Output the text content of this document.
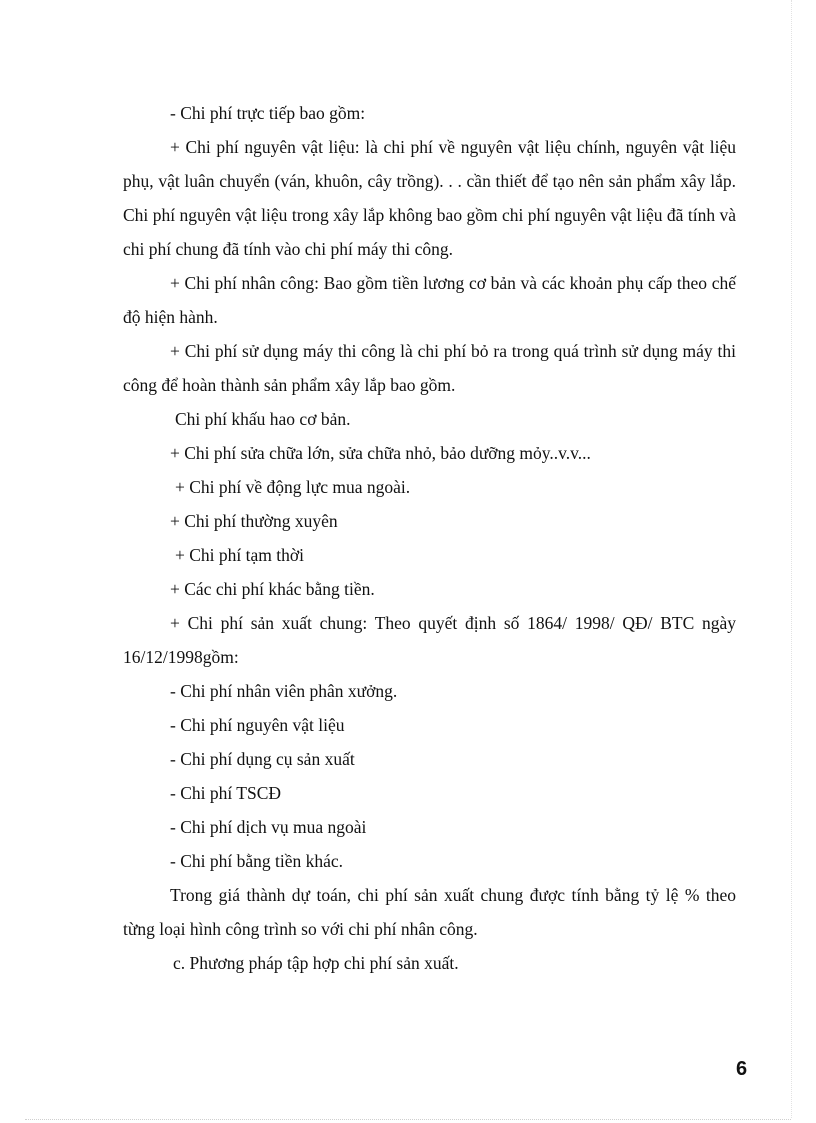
- Chi phí trực tiếp bao gồm:

+ Chi phí nguyên vật liệu: là chi phí về nguyên vật liệu chính, nguyên vật liệu phụ, vật luân chuyển (ván, khuôn, cây trồng). . . cần thiết để tạo nên sản phẩm xây lắp. Chi phí nguyên vật liệu trong xây lắp không bao gồm chi phí nguyên vật liệu đã tính và chi phí chung đã tính vào chi phí máy thi công.

+ Chi phí nhân công: Bao gồm tiền lương cơ bản và các khoản phụ cấp theo chế độ hiện hành.

+ Chi phí sử dụng máy thi công là chi phí bỏ ra trong quá trình sử dụng máy thi công để hoàn thành sản phẩm xây lắp bao gồm.

Chi phí khấu hao cơ bản.

+ Chi phí sửa chữa lớn, sửa chữa nhỏ, bảo dưỡng mỏy..v.v...

+ Chi phí về động lực mua ngoài.

+ Chi phí thường xuyên

+ Chi phí tạm thời

+ Các chi phí khác bằng tiền.

+ Chi phí sản xuất chung: Theo quyết định số 1864/ 1998/ QĐ/ BTC ngày 16/12/1998gồm:

- Chi phí nhân viên phân xưởng.

- Chi phí nguyên vật liệu

- Chi phí dụng cụ sản xuất

- Chi phí TSCĐ

- Chi phí dịch vụ mua ngoài

- Chi phí bằng tiền khác.

Trong giá thành dự toán, chi phí sản xuất chung được tính bằng tỷ lệ % theo từng loại hình công trình so với chi phí nhân công.

c. Phương pháp tập hợp chi phí sản xuất.

6
